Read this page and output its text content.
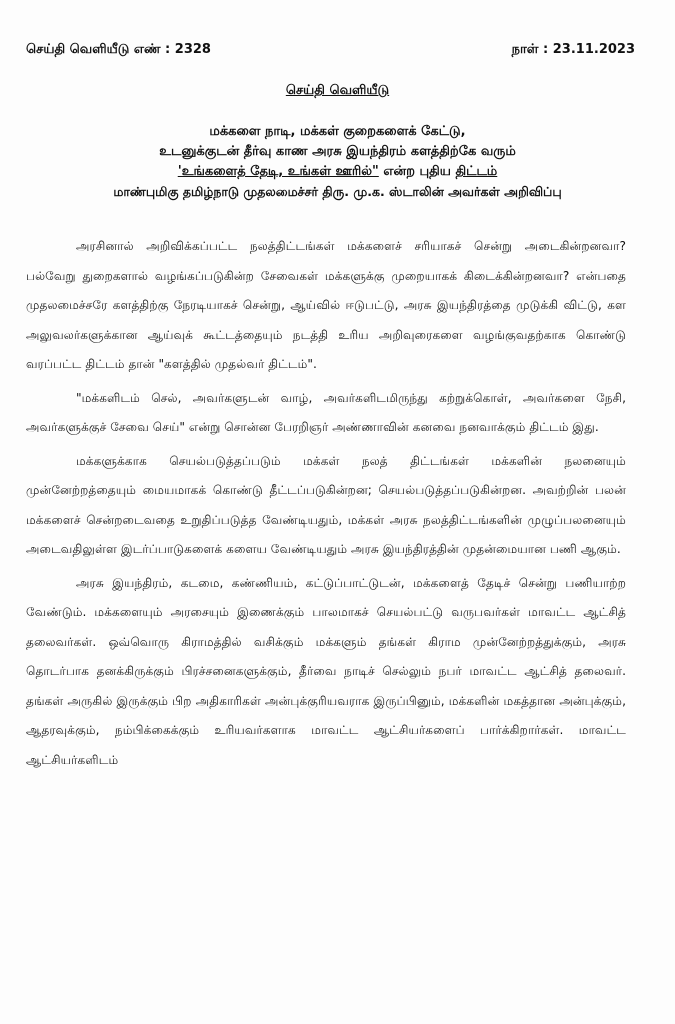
செய்தி வெளியீடு எண் : 2328	நாள் : 23.11.2023
செய்தி வெளியீடு
மக்களை நாடி, மக்கள் குறைகளைக் கேட்டு,
உடனுக்குடன் தீர்வு காண அரசு இயந்திரம் களத்திற்கே வரும்
'உங்களைத் தேடி, உங்கள் ஊரில்" என்ற புதிய திட்டம்
மாண்புமிகு தமிழ்நாடு முதலமைச்சர் திரு. மு.க. ஸ்டாலின் அவர்கள் அறிவிப்பு

அரசினால் அறிவிக்கப்பட்ட நலத்திட்டங்கள் மக்களைச் சரியாகச் சென்று அடைகின்றனவா? பல்வேறு துறைகளால் வழங்கப்படுகின்ற சேவைகள் மக்களுக்கு முறையாகக் கிடைக்கின்றனவா? என்பதை முதலமைச்சரே களத்திற்கு நேரடியாகச் சென்று, ஆய்வில் ஈடுபட்டு, அரசு இயந்திரத்தை முடுக்கி விட்டு, கள அலுவலர்களுக்கான ஆய்வுக் கூட்டத்தையும் நடத்தி உரிய அறிவுரைகளை வழங்குவதற்காக கொண்டு வரப்பட்ட திட்டம் தான் "களத்தில் முதல்வர் திட்டம்".

"மக்களிடம் செல், அவர்களுடன் வாழ், அவர்களிடமிருந்து கற்றுக்கொள், அவர்களை நேசி, அவர்களுக்குச் சேவை செய்" என்று சொன்ன பேரறிஞர் அண்ணாவின் கனவை நனவாக்கும் திட்டம் இது.

மக்களுக்காக செயல்படுத்தப்படும் மக்கள் நலத் திட்டங்கள் மக்களின் நலனையும் முன்னேற்றத்தையும் மையமாகக் கொண்டு தீட்டப்படுகின்றன; செயல்படுத்தப்படுகின்றன. அவற்றின் பலன் மக்களைச் சென்றடைவதை உறுதிப்படுத்த வேண்டியதும், மக்கள் அரசு நலத்திட்டங்களின் முழுப்பலனையும் அடைவதிலுள்ள இடர்ப்பாடுகளைக் களைய வேண்டியதும் அரசு இயந்திரத்தின் முதன்மையான பணி ஆகும்.

அரசு இயந்திரம், கடமை, கண்ணியம், கட்டுப்பாட்டுடன், மக்களைத் தேடிச் சென்று பணியாற்ற வேண்டும். மக்களையும் அரசையும் இணைக்கும் பாலமாகச் செயல்பட்டு வருபவர்கள் மாவட்ட ஆட்சித் தலைவர்கள். ஒவ்வொரு கிராமத்தில் வசிக்கும் மக்களும் தங்கள் கிராம முன்னேற்றத்துக்கும், அரசு தொடர்பாக தனக்கிருக்கும் பிரச்சனைகளுக்கும், தீர்வை நாடிச் செல்லும் நபர் மாவட்ட ஆட்சித் தலைவர். தங்கள் அருகில் இருக்கும் பிற அதிகாரிகள் அன்புக்குரியவராக இருப்பினும், மக்களின் மகத்தான அன்புக்கும், ஆதரவுக்கும், நம்பிக்கைக்கும் உரியவர்களாக மாவட்ட ஆட்சியர்களைப் பார்க்கிறார்கள். மாவட்ட ஆட்சியர்களிடம்
